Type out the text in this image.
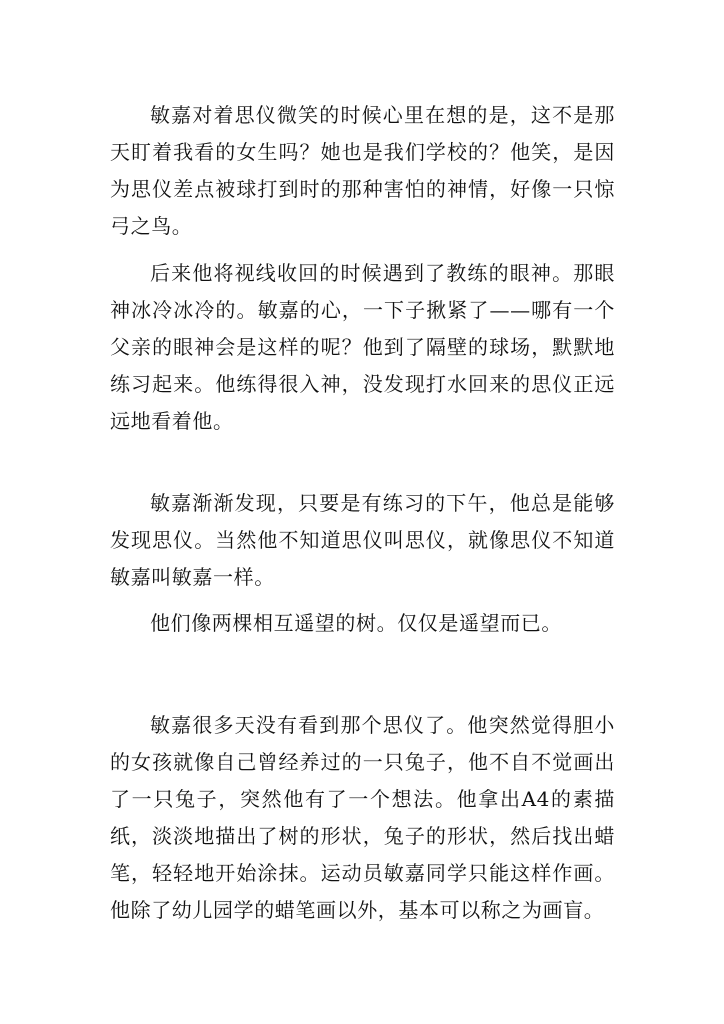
敏嘉对着思仪微笑的时候心里在想的是，这不是那天盯着我看的女生吗？她也是我们学校的？他笑，是因为思仪差点被球打到时的那种害怕的神情，好像一只惊弓之鸟。

后来他将视线收回的时候遇到了教练的眼神。那眼神冰冷冰冷的。敏嘉的心，一下子揪紧了——哪有一个父亲的眼神会是这样的呢？他到了隔壁的球场，默默地练习起来。他练得很入神，没发现打水回来的思仪正远远地看着他。

敏嘉渐渐发现，只要是有练习的下午，他总是能够发现思仪。当然他不知道思仪叫思仪，就像思仪不知道敏嘉叫敏嘉一样。

他们像两棵相互遥望的树。仅仅是遥望而已。

敏嘉很多天没有看到那个思仪了。他突然觉得胆小的女孩就像自己曾经养过的一只兔子，他不自不觉画出了一只兔子，突然他有了一个想法。他拿出A4的素描纸，淡淡地描出了树的形状，兔子的形状，然后找出蜡笔，轻轻地开始涂抹。运动员敏嘉同学只能这样作画。他除了幼儿园学的蜡笔画以外，基本可以称之为画盲。
